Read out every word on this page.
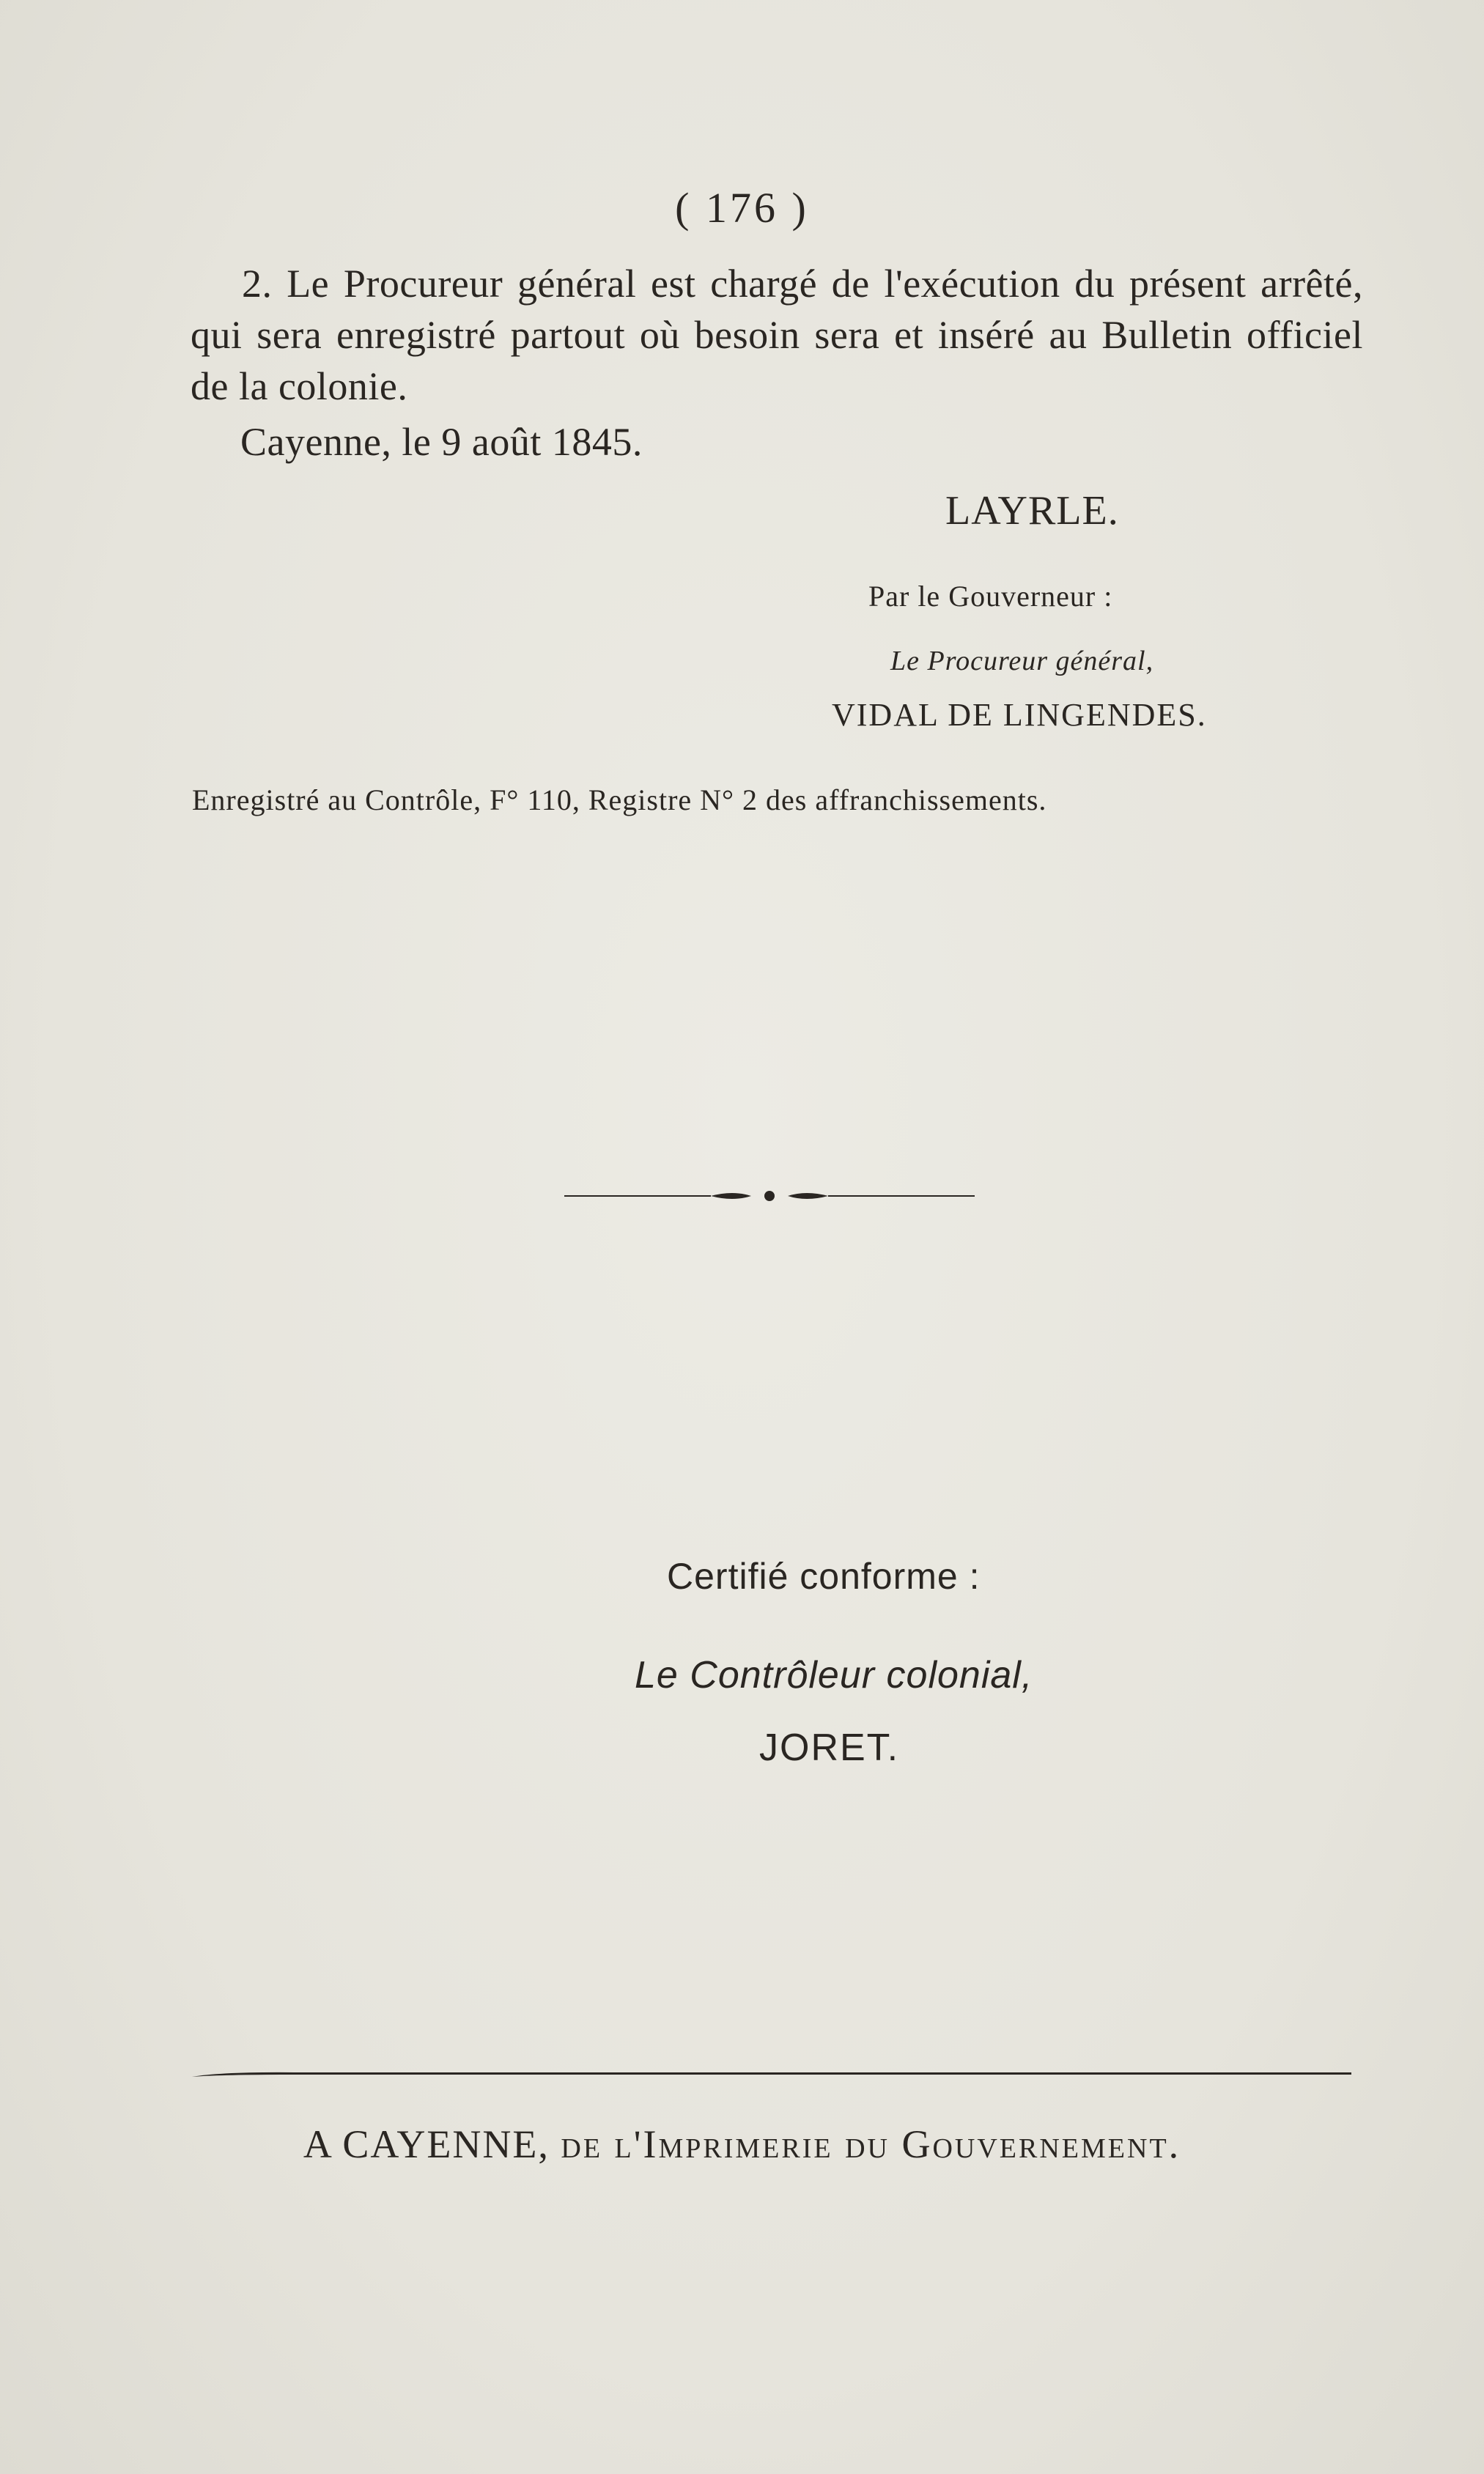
( 176 )
2. Le Procureur général est chargé de l'exécution du présent arrêté, qui sera enregistré partout où besoin sera et inséré au Bulletin officiel de la colonie.
Cayenne, le 9 août 1845.
LAYRLE.
Par le Gouverneur :
Le Procureur général,
VIDAL DE LINGENDES.
Enregistré au Contrôle, F° 110, Registre N° 2 des affranchissements.
Certifié conforme :
Le Contrôleur colonial,
JORET.
A CAYENNE, de l'Imprimerie du Gouvernement.
